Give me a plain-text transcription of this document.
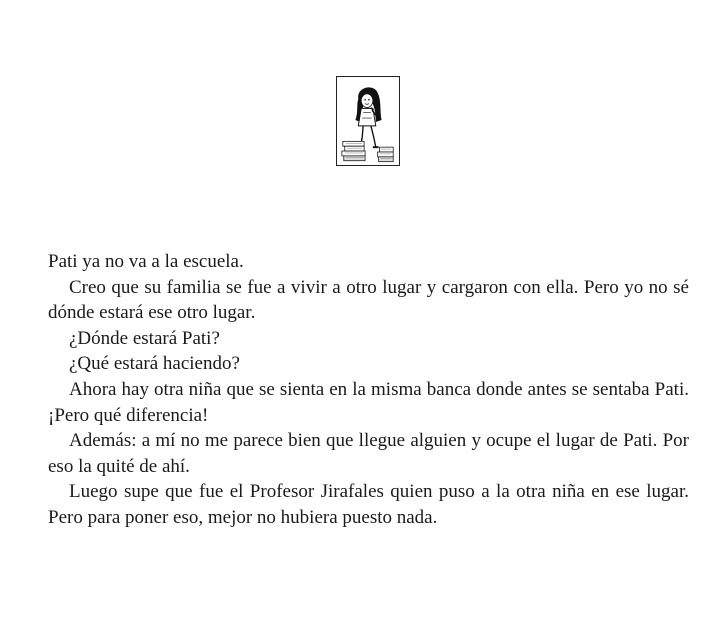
Pati ya no va a la escuela.

Creo que su familia se fue a vivir a otro lugar y cargaron con ella. Pero yo no sé dónde estará ese otro lugar.

¿Dónde estará Pati?

¿Qué estará haciendo?

Ahora hay otra niña que se sienta en la misma banca donde antes se sentaba Pati. ¡Pero qué diferencia!

Además: a mí no me parece bien que llegue alguien y ocupe el lugar de Pati. Por eso la quité de ahí.

Luego supe que fue el Profesor Jirafales quien puso a la otra niña en ese lugar. Pero para poner eso, mejor no hubiera puesto nada.
